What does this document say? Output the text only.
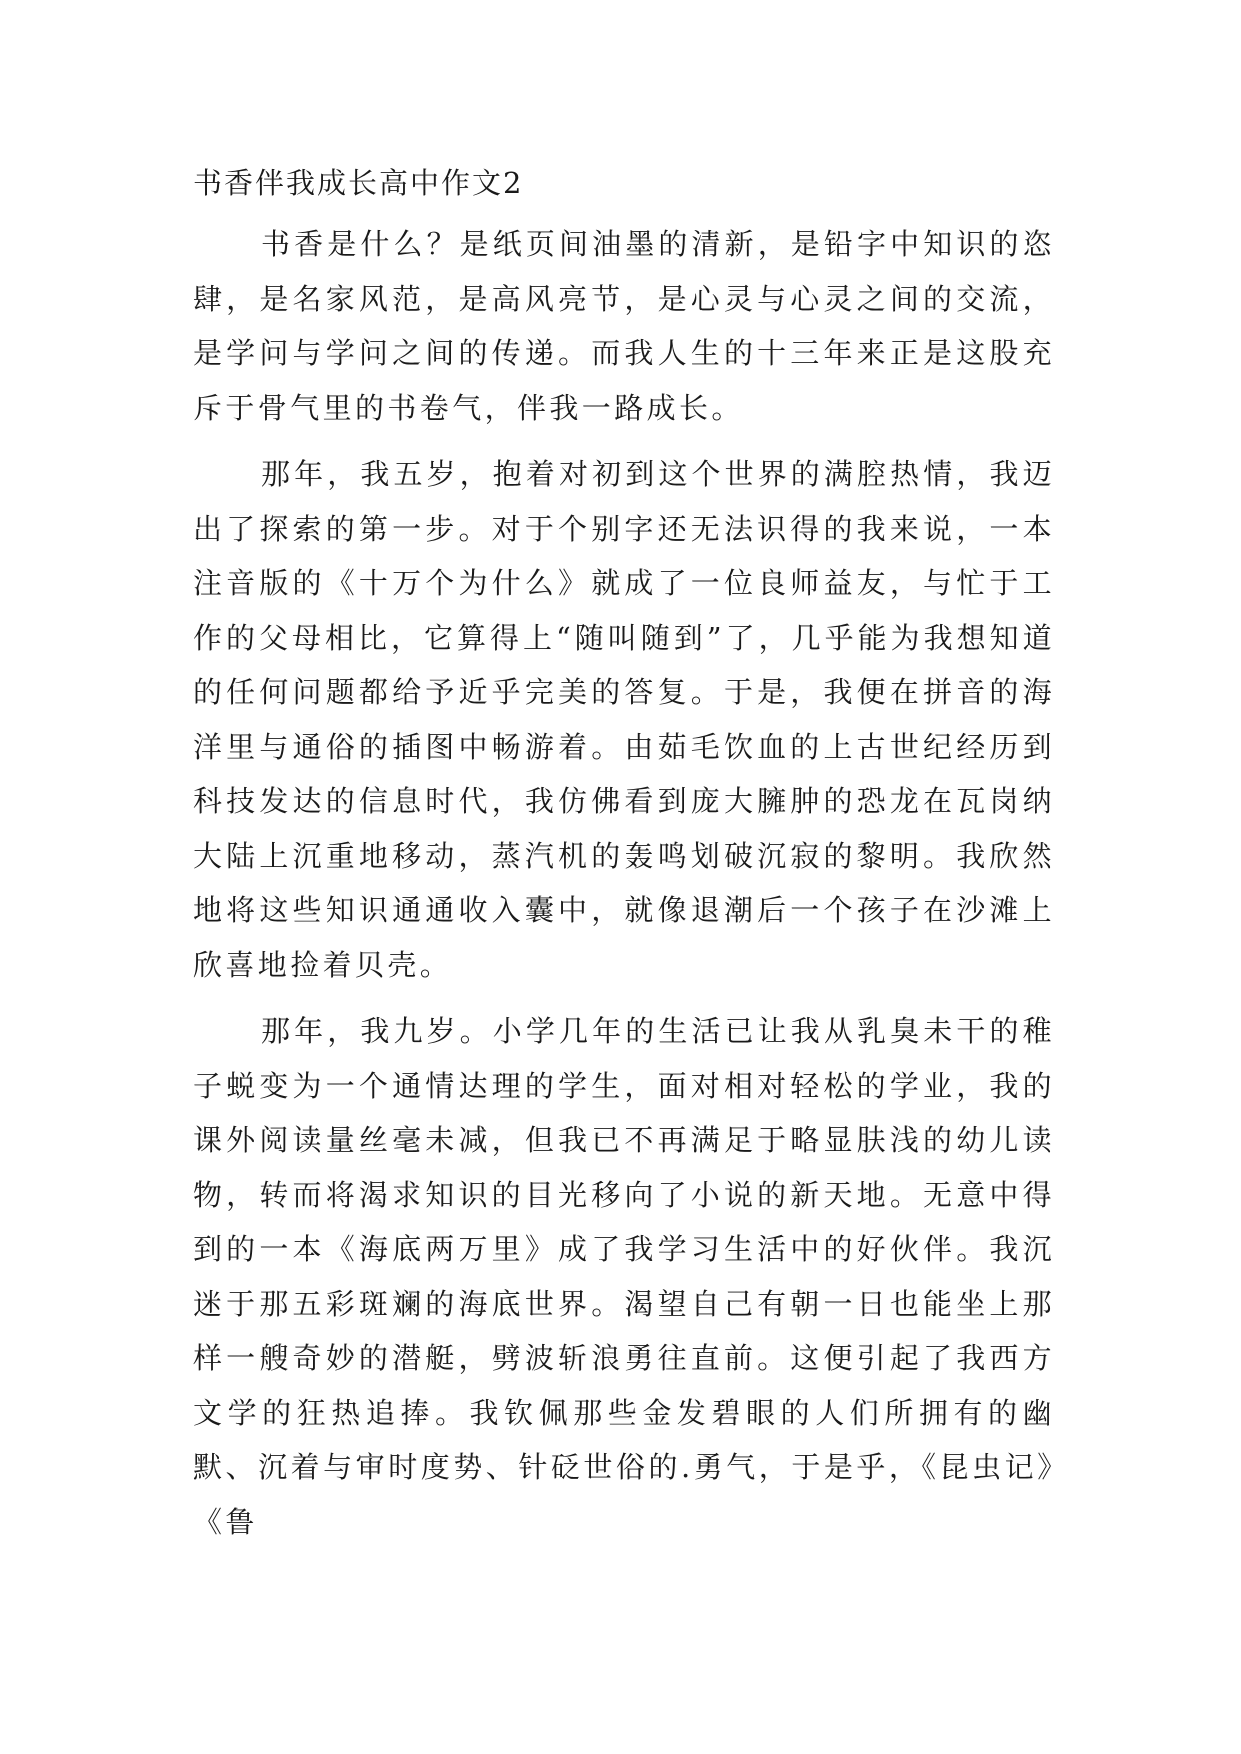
书香伴我成长高中作文2

书香是什么？是纸页间油墨的清新，是铅字中知识的恣肆，是名家风范，是高风亮节，是心灵与心灵之间的交流，是学问与学问之间的传递。而我人生的十三年来正是这股充斥于骨气里的书卷气，伴我一路成长。

那年，我五岁，抱着对初到这个世界的满腔热情，我迈出了探索的第一步。对于个别字还无法识得的我来说，一本注音版的《十万个为什么》就成了一位良师益友，与忙于工作的父母相比，它算得上“随叫随到”了，几乎能为我想知道的任何问题都给予近乎完美的答复。于是，我便在拼音的海洋里与通俗的插图中畅游着。由茹毛饮血的上古世纪经历到科技发达的信息时代，我仿佛看到庞大臃肿的恐龙在瓦岗纳大陆上沉重地移动，蒸汽机的轰鸣划破沉寂的黎明。我欣然地将这些知识通通收入囊中，就像退潮后一个孩子在沙滩上欣喜地捡着贝壳。

那年，我九岁。小学几年的生活已让我从乳臭未干的稚子蜕变为一个通情达理的学生，面对相对轻松的学业，我的课外阅读量丝毫未减，但我已不再满足于略显肤浅的幼儿读物，转而将渴求知识的目光移向了小说的新天地。无意中得到的一本《海底两万里》成了我学习生活中的好伙伴。我沉迷于那五彩斑斓的海底世界。渴望自己有朝一日也能坐上那样一艘奇妙的潜艇，劈波斩浪勇往直前。这便引起了我西方文学的狂热追捧。我钦佩那些金发碧眼的人们所拥有的幽默、沉着与审时度势、针砭世俗的.勇气，于是乎，《昆虫记》《鲁
